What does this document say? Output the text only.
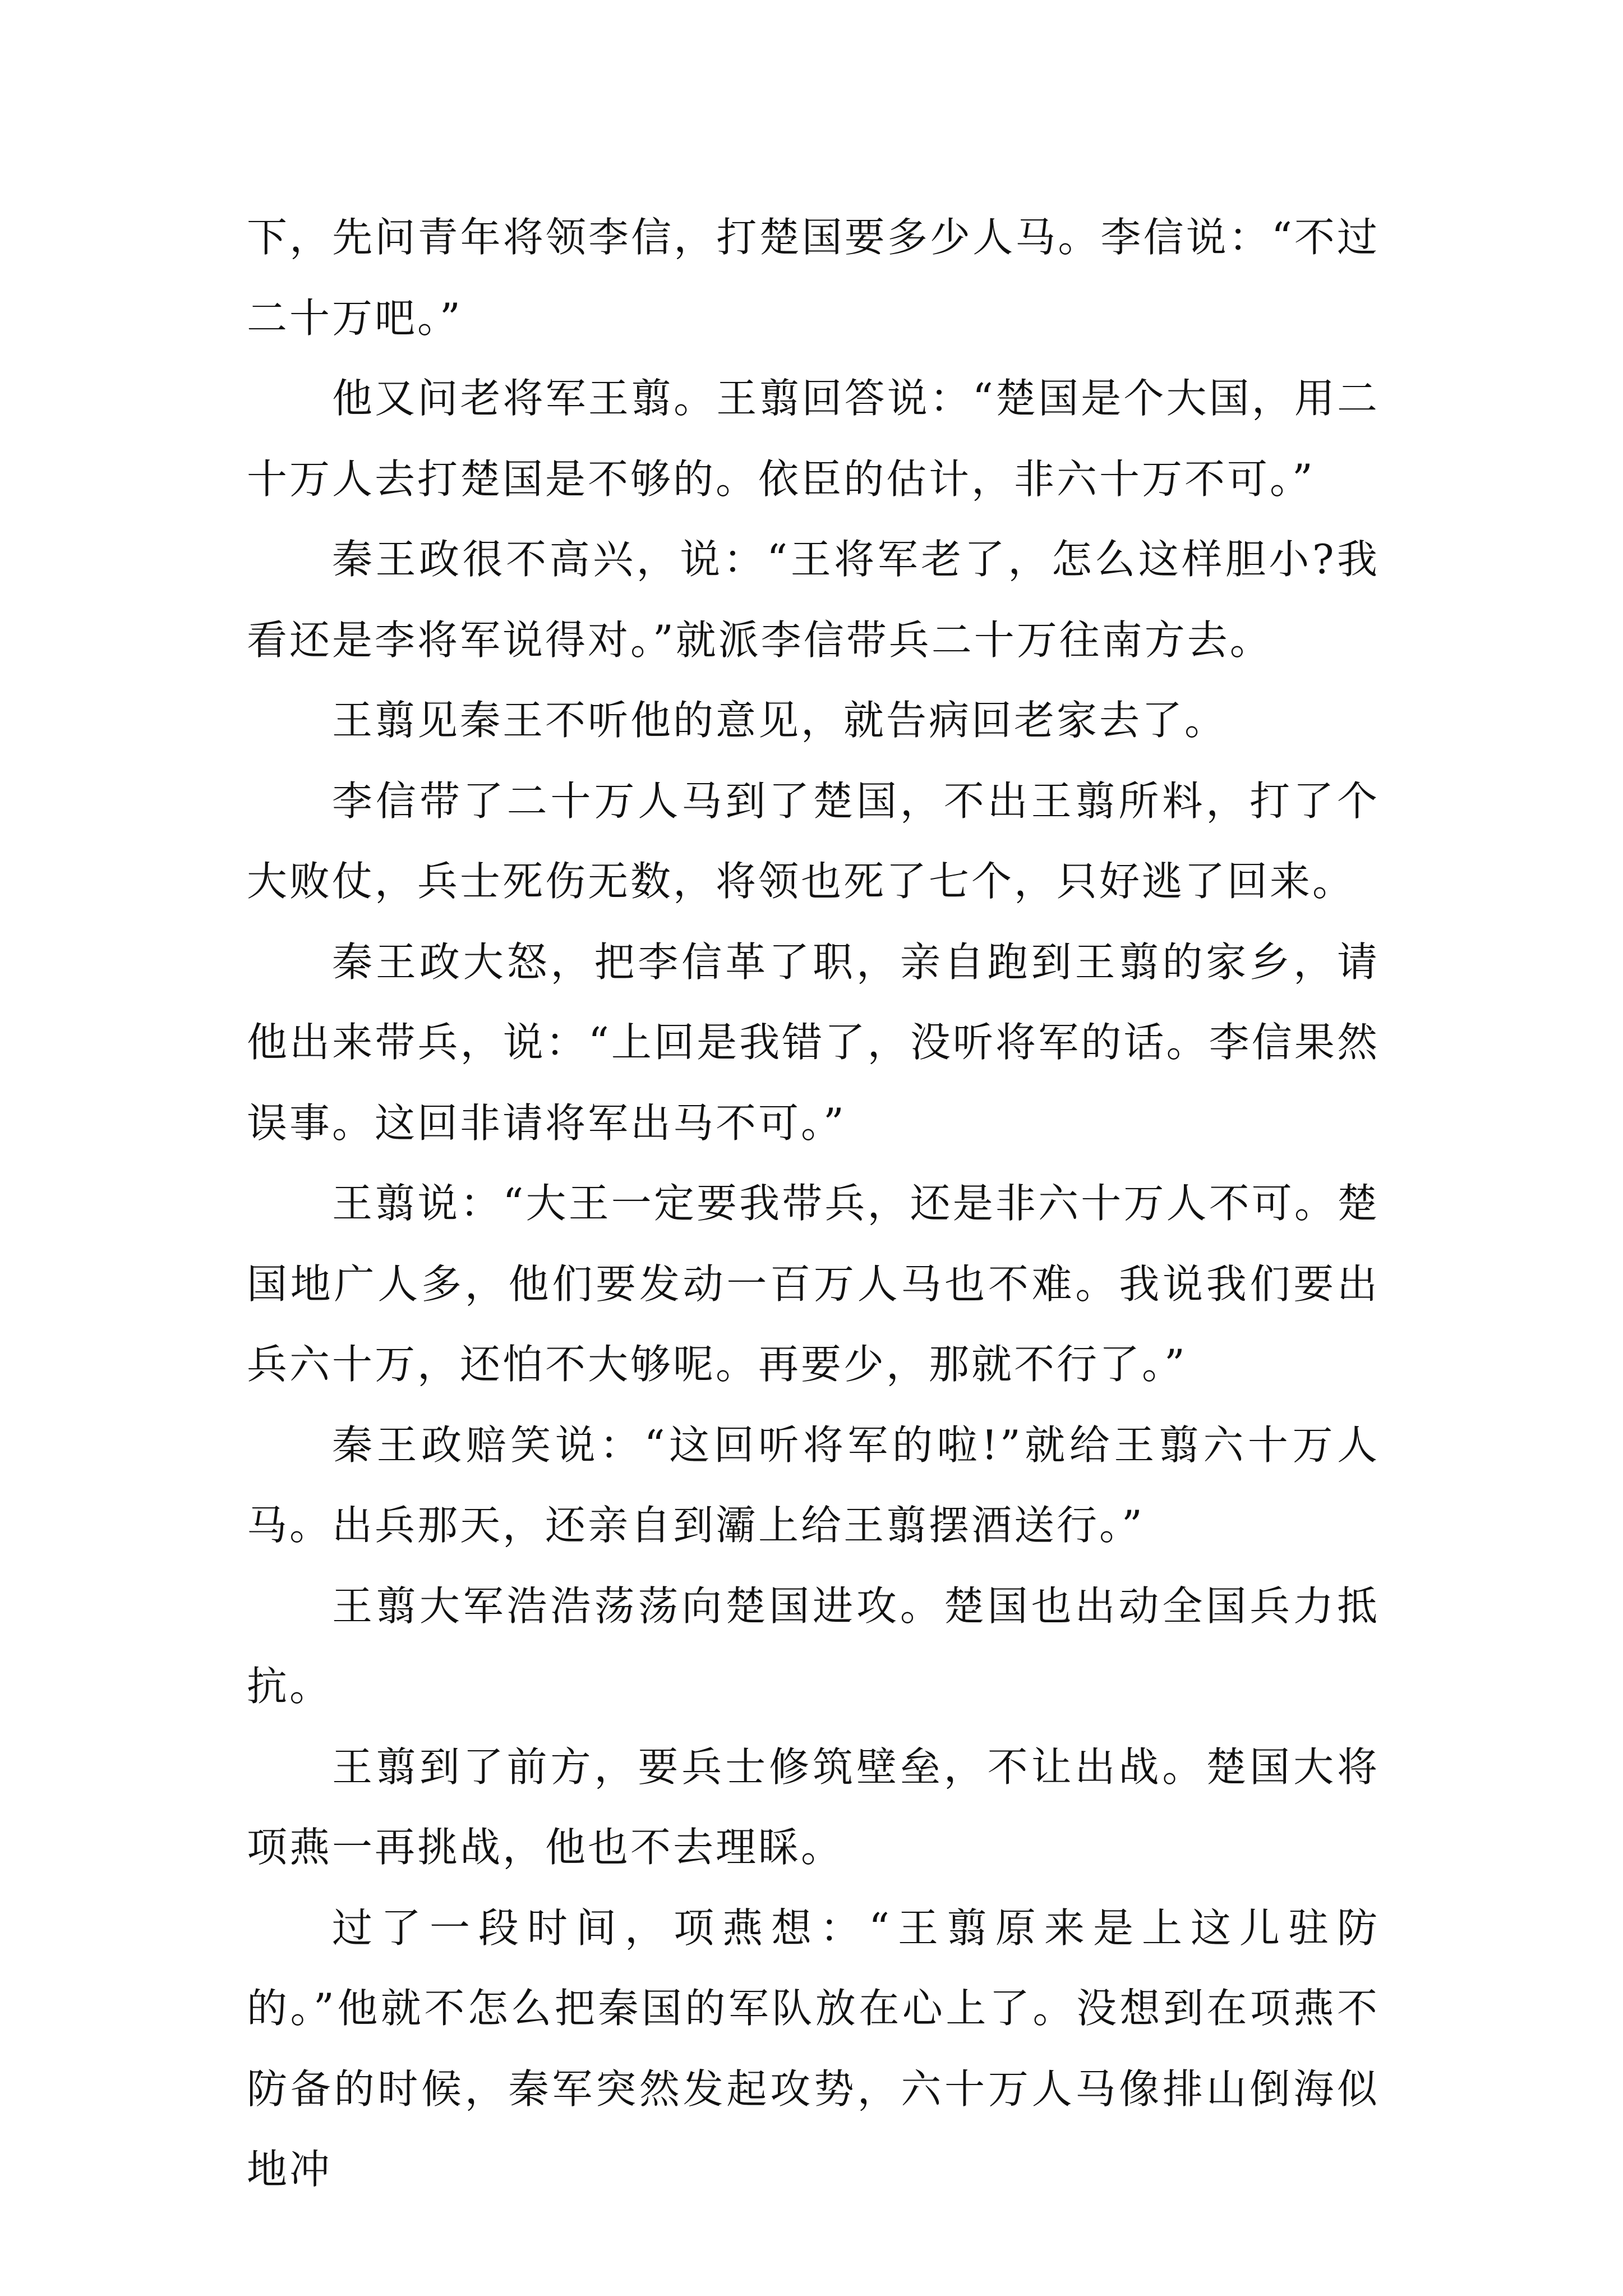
下，先问青年将领李信，打楚国要多少人马。李信说：“不过二十万吧。”

他又问老将军王翦。王翦回答说：“楚国是个大国，用二十万人去打楚国是不够的。依臣的估计，非六十万不可。”

秦王政很不高兴，说：“王将军老了，怎么这样胆小?我看还是李将军说得对。”就派李信带兵二十万往南方去。

王翦见秦王不听他的意见，就告病回老家去了。

李信带了二十万人马到了楚国，不出王翦所料，打了个大败仗，兵士死伤无数，将领也死了七个，只好逃了回来。

秦王政大怒，把李信革了职，亲自跑到王翦的家乡，请他出来带兵，说：“上回是我错了，没听将军的话。李信果然误事。这回非请将军出马不可。”

王翦说：“大王一定要我带兵，还是非六十万人不可。楚国地广人多，他们要发动一百万人马也不难。我说我们要出兵六十万，还怕不大够呢。再要少，那就不行了。”

秦王政赔笑说：“这回听将军的啦!”就给王翦六十万人马。出兵那天，还亲自到灞上给王翦摆酒送行。”

王翦大军浩浩荡荡向楚国进攻。楚国也出动全国兵力抵抗。

王翦到了前方，要兵士修筑壁垒，不让出战。楚国大将项燕一再挑战，他也不去理睬。

过了一段时间，项燕想：“王翦原来是上这儿驻防的。”他就不怎么把秦国的军队放在心上了。没想到在项燕不防备的时候，秦军突然发起攻势，六十万人马像排山倒海似地冲
